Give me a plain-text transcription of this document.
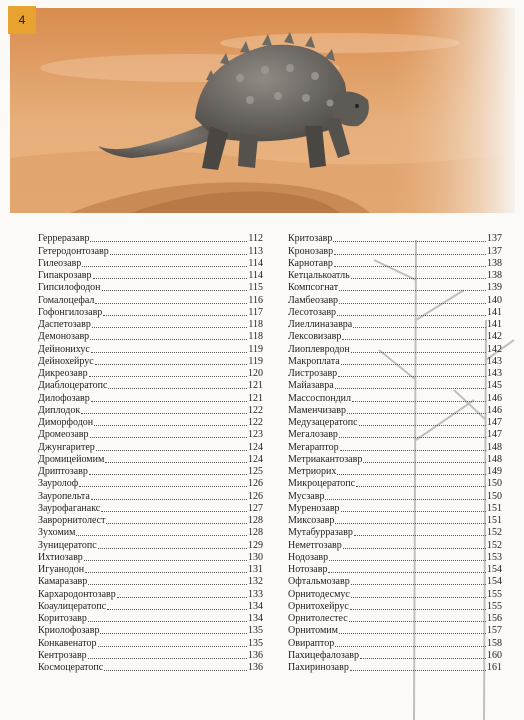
4
Герреразавр	112
Гетеродонтозавр	113
Гилеозавр	114
Гипакрозавр	114
Гипсилофодон	115
Гомалоцефал	116
Гофонгилозавр	117
Даспетозавр	118
Демонозавр	118
Дейнонихус	119
Дейнохейрус	119
Дикреозавр	120
Диаблоцератопс	121
Дилофозавр	121
Диплодок	122
Диморфодон	122
Дромеозавр	123
Джунгаритер	124
Дромицейомим	124
Дриптозавр	125
Зауролоф	126
Зауропельта	126
Заурофаганакс	127
Заврорнитолест	128
Зухомим	128
Зуницератопс	129
Ихтиозавр	130
Игуанодон	131
Камаразавр	132
Кархародонтозавр	133
Коаулицератопс	134
Коритозавр	134
Криолофозавр	135
Конкавенатор	135
Кентрозавр	136
Космоцератопс	136
Критозавр	137
Кронозавр	137
Карнотавр	138
Кетцалькоатль	138
Компсогнат	139
Ламбеозавр	140
Лесотозавр	141
Лиеллиназавра	141
Лексовизавр	142
Лиоплевродон	142
Макроплата	143
Листрозавр	143
Майазавра	145
Массоспондил	146
Маменчизавр	146
Медузацератопс	147
Мегалозавр	147
Мегараптор	148
Метриакантозавр	148
Метриорих	149
Микроцератопс	150
Мусзавр	150
Муренозавр	151
Миксозавр	151
Мутабурразавр	152
Неметгозавр	152
Нодозавр	153
Нотозавр	154
Офтальмозавр	154
Орнитодесмус	155
Орнитохейрус	155
Орнитолестес	156
Орнитомим	157
Овираптор	158
Пахицефалозавр	160
Пахиринозавр	161
